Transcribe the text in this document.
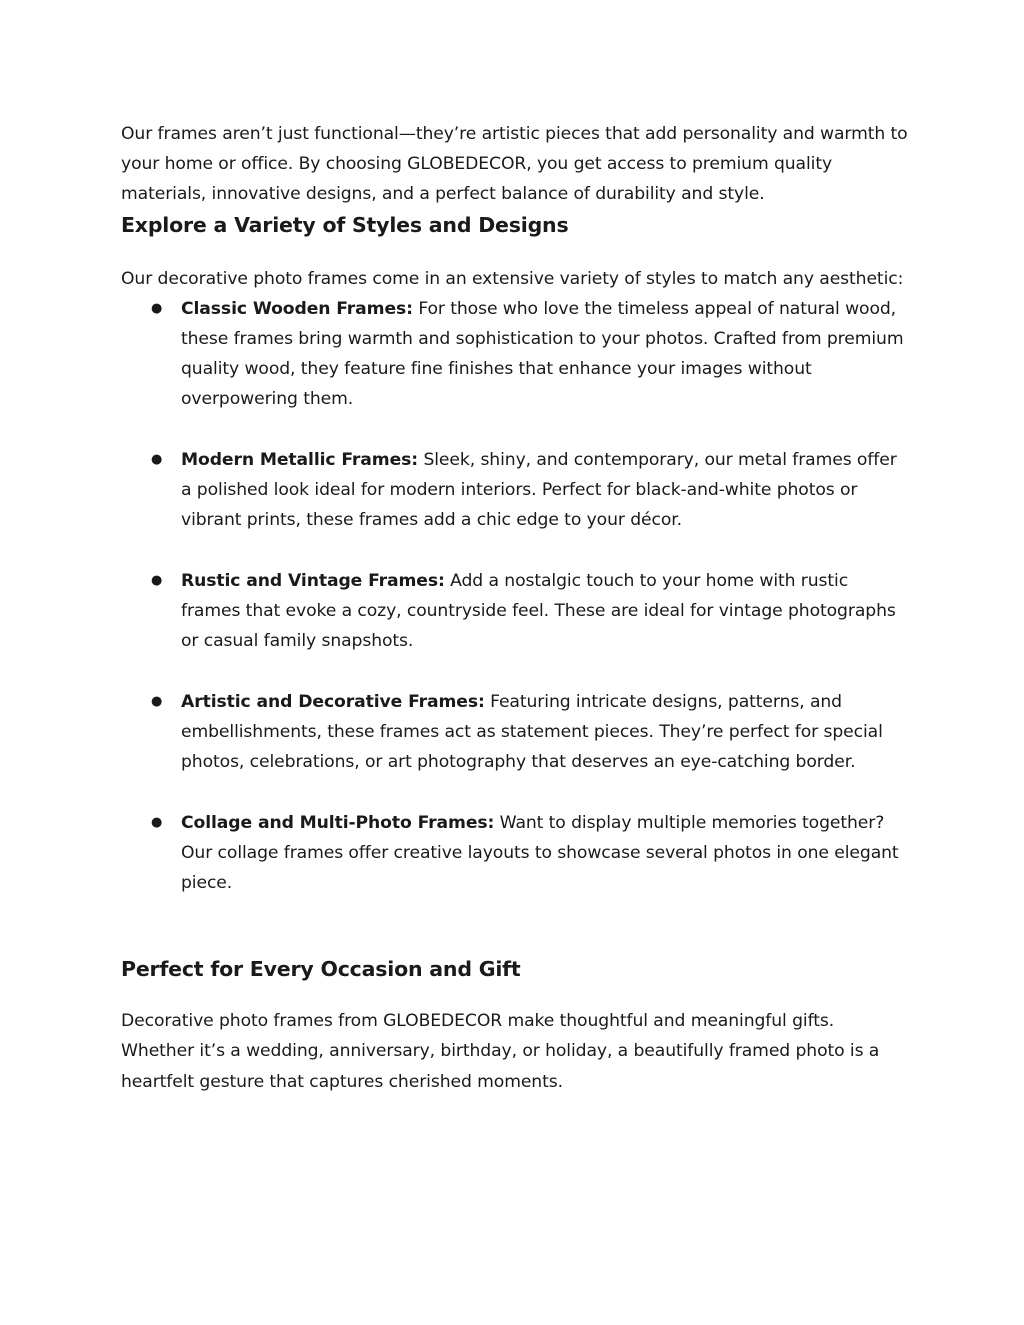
Our frames aren’t just functional—they’re artistic pieces that add personality and warmth to your home or office. By choosing GLOBEDECOR, you get access to premium quality materials, innovative designs, and a perfect balance of durability and style.

Explore a Variety of Styles and Designs

Our decorative photo frames come in an extensive variety of styles to match any aesthetic:

● Classic Wooden Frames: For those who love the timeless appeal of natural wood, these frames bring warmth and sophistication to your photos. Crafted from premium quality wood, they feature fine finishes that enhance your images without overpowering them.
● Modern Metallic Frames: Sleek, shiny, and contemporary, our metal frames offer a polished look ideal for modern interiors. Perfect for black-and-white photos or vibrant prints, these frames add a chic edge to your décor.
● Rustic and Vintage Frames: Add a nostalgic touch to your home with rustic frames that evoke a cozy, countryside feel. These are ideal for vintage photographs or casual family snapshots.
● Artistic and Decorative Frames: Featuring intricate designs, patterns, and embellishments, these frames act as statement pieces. They’re perfect for special photos, celebrations, or art photography that deserves an eye-catching border.
● Collage and Multi-Photo Frames: Want to display multiple memories together? Our collage frames offer creative layouts to showcase several photos in one elegant piece.
Perfect for Every Occasion and Gift

Decorative photo frames from GLOBEDECOR make thoughtful and meaningful gifts. Whether it’s a wedding, anniversary, birthday, or holiday, a beautifully framed photo is a heartfelt gesture that captures cherished moments.
